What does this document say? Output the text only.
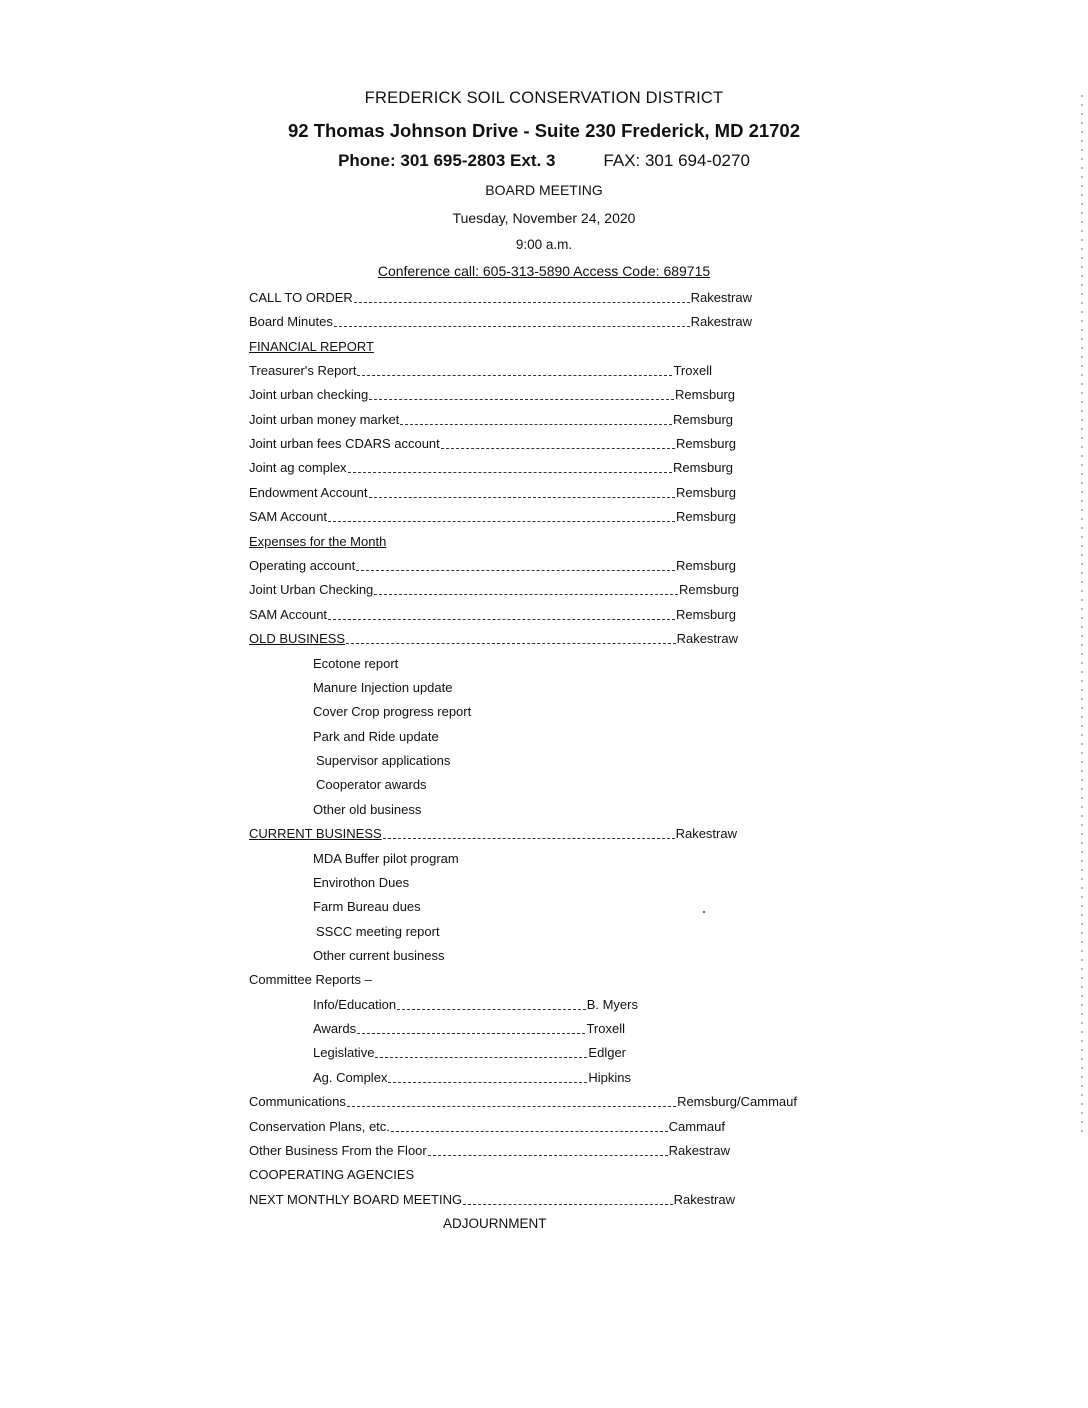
FREDERICK SOIL CONSERVATION DISTRICT
92 Thomas Johnson Drive - Suite 230 Frederick, MD 21702
Phone: 301 695-2803 Ext. 3	FAX: 301 694-0270
BOARD MEETING
Tuesday, November 24, 2020
9:00 a.m.
Conference call: 605-313-5890 Access Code: 689715
CALL TO ORDER	Rakestraw
Board Minutes	Rakestraw
FINANCIAL REPORT
Treasurer's Report	Troxell
Joint urban checking	Remsburg
Joint urban money market	Remsburg
Joint urban fees CDARS account	Remsburg
Joint ag complex	Remsburg
Endowment Account	Remsburg
SAM Account	Remsburg
Expenses for the Month
Operating account	Remsburg
Joint Urban Checking	Remsburg
SAM Account	Remsburg
OLD BUSINESS	Rakestraw
Ecotone report
Manure Injection update
Cover Crop progress report
Park and Ride update
Supervisor applications
Cooperator awards
Other old business
CURRENT BUSINESS	Rakestraw
MDA Buffer pilot program
Envirothon Dues
Farm Bureau dues
SSCC meeting report
Other current business
Committee Reports –
Info/Education	B. Myers
Awards	Troxell
Legislative	Edlger
Ag. Complex	Hipkins
Communications	Remsburg/Cammauf
Conservation Plans, etc.	Cammauf
Other Business From the Floor	Rakestraw
COOPERATING AGENCIES
NEXT MONTHLY BOARD MEETING	Rakestraw
ADJOURNMENT
